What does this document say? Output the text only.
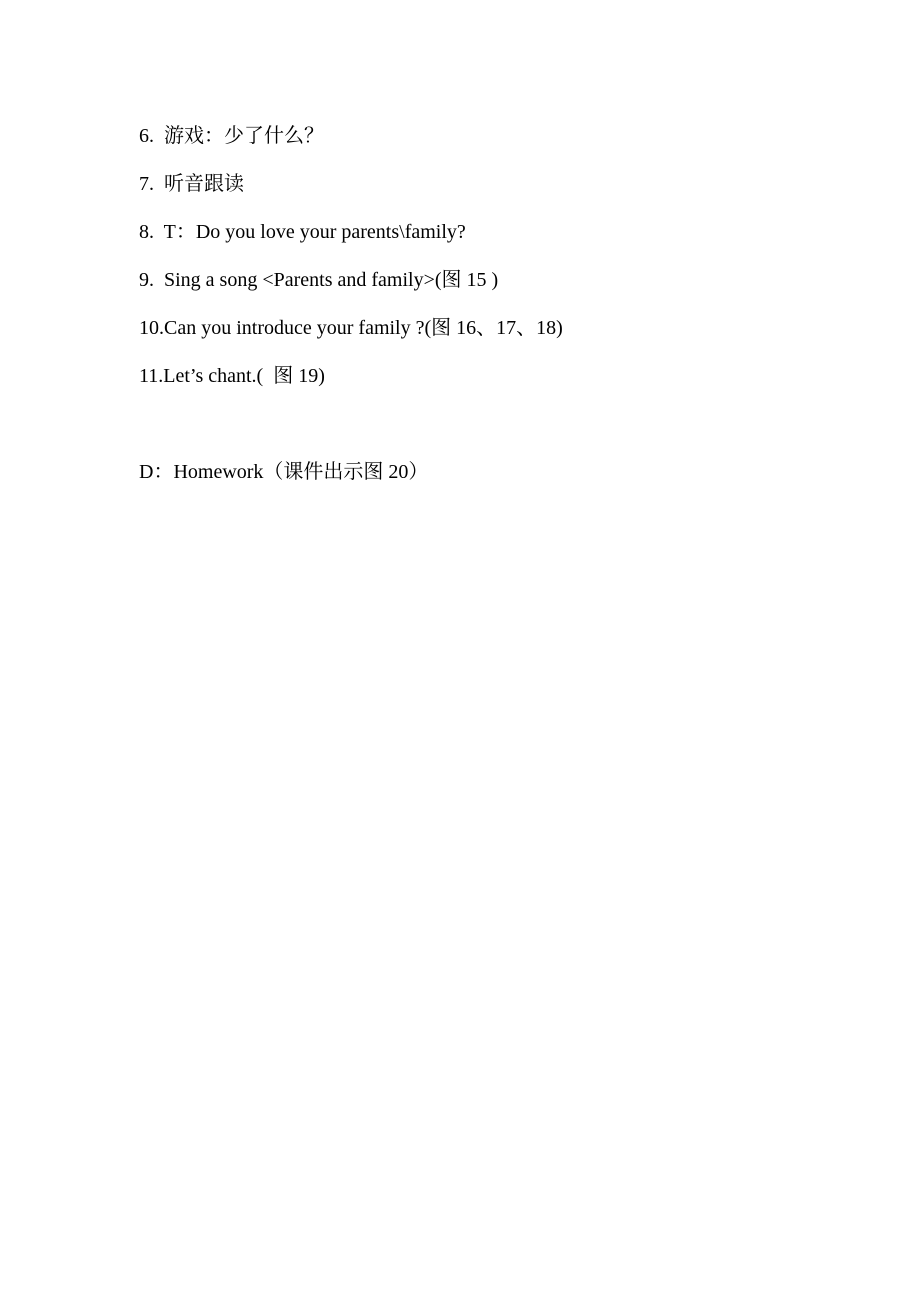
6.  游戏：少了什么？
7.  听音跟读
8.  T：Do you love your parents\family?
9.  Sing a song <Parents and family>(图 15 )
10.Can you introduce your family ?(图 16、17、18)
11.Let’s chant.(  图 19)
D：Homework（课件出示图 20）
